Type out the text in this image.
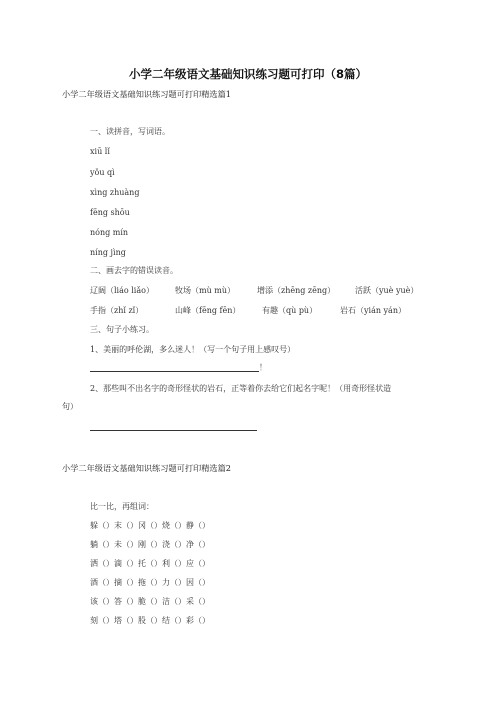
小学二年级语文基础知识练习题可打印（8篇）
小学二年级语文基础知识练习题可打印精选篇1
一、读拼音，写词语。
xiū lǐ
yǒu qì
xìng zhuàng
fēng shōu
nóng mín
níng jìng
二、画去字的错误读音。
辽阔（liáo liǎo）	牧场（mù mù）	增添（zhēng zēng） 活跃（yuè yuè）
手指（zhǐ zǐ）	山峰（fēng fēn）	有趣（qù pù）	岩石（yián yán）
三、句子小练习。
1、美丽的呼伦湖，多么迷人！（写一个句子用上感叹号）
！
2、那些叫不出名字的奇形怪状的岩石，正等着你去给它们起名字呢！（用奇形怪状造
句）
小学二年级语文基础知识练习题可打印精选篇2
比一比，再组词：
躲（）末（）冈（）烧（）静（）
躺（）未（）刚（）浇（）净（）
洒（）滴（）托（）利（）应（）
酒（）摘（）拖（）力（）因（）
该（）答（）脆（）洁（）采（）
刻（）塔（）股（）结（）彩（）
